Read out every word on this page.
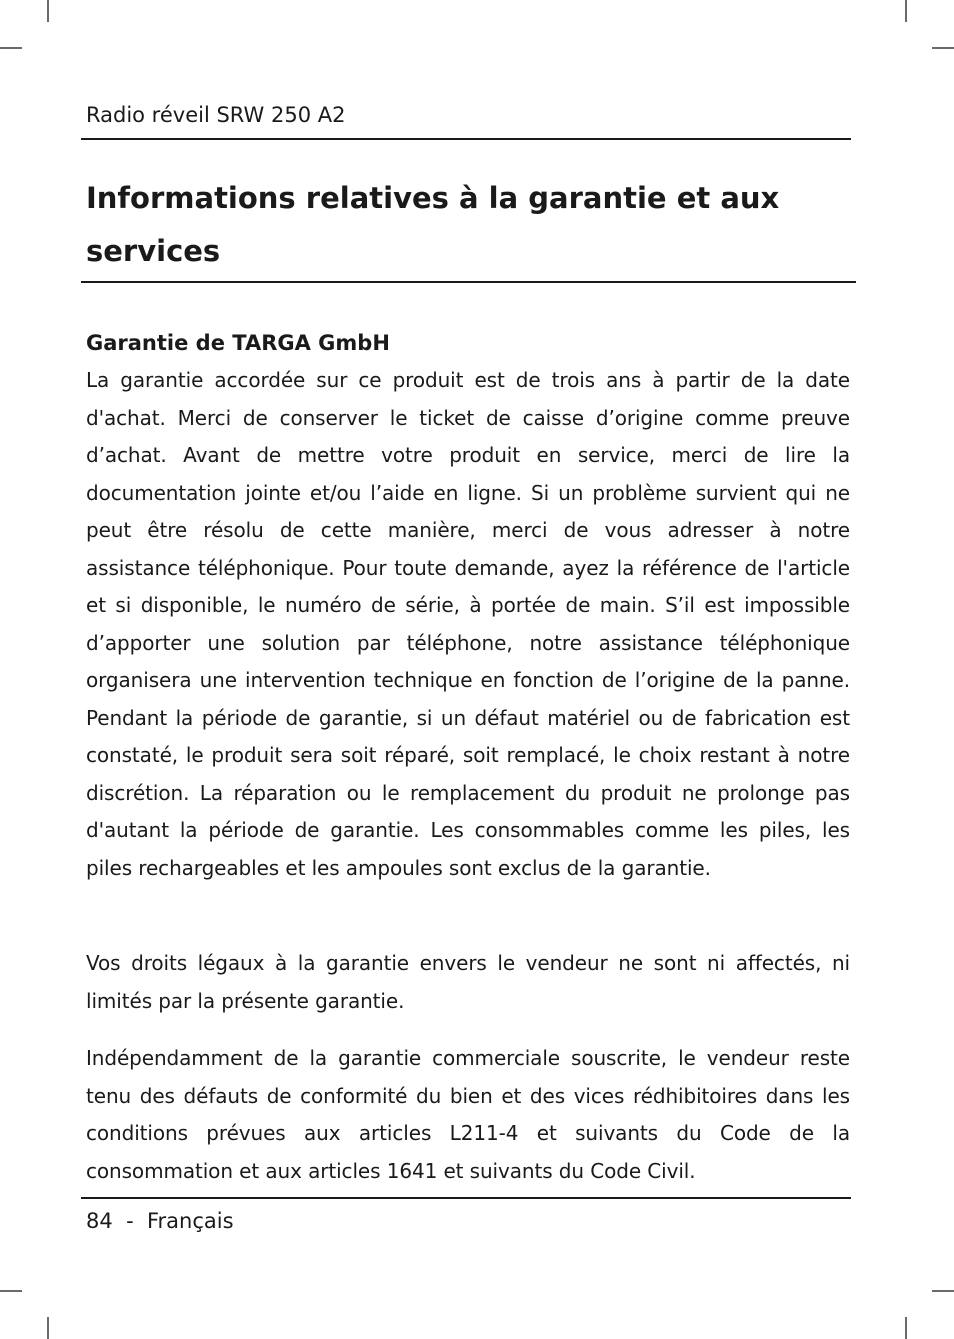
Radio réveil SRW 250 A2

Informations relatives à la garantie et aux services
Garantie de TARGA GmbH

La garantie accordée sur ce produit est de trois ans à partir de la date d'achat. Merci de conserver le ticket de caisse d’origine comme preuve d’achat. Avant de mettre votre produit en service, merci de lire la documentation jointe et/ou l’aide en ligne. Si un problème survient qui ne peut être résolu de cette manière, merci de vous adresser à notre assistance téléphonique. Pour toute demande, ayez la référence de l'article et si disponible, le numéro de série, à portée de main. S’il est impossible d’apporter une solution par téléphone, notre assistance téléphonique organisera une intervention technique en fonction de l’origine de la panne. Pendant la période de garantie, si un défaut matériel ou de fabrication est constaté, le produit sera soit réparé, soit remplacé, le choix restant à notre discrétion. La réparation ou le remplacement du produit ne prolonge pas d'autant la période de garantie. Les consommables comme les piles, les piles rechargeables et les ampoules sont exclus de la garantie.

Vos droits légaux à la garantie envers le vendeur ne sont ni affectés, ni limités par la présente garantie.

Indépendamment de la garantie commerciale souscrite, le vendeur reste tenu des défauts de conformité du bien et des vices rédhibitoires dans les conditions prévues aux articles L211-4 et suivants du Code de la consommation et aux articles 1641 et suivants du Code Civil.

84  -  Français
